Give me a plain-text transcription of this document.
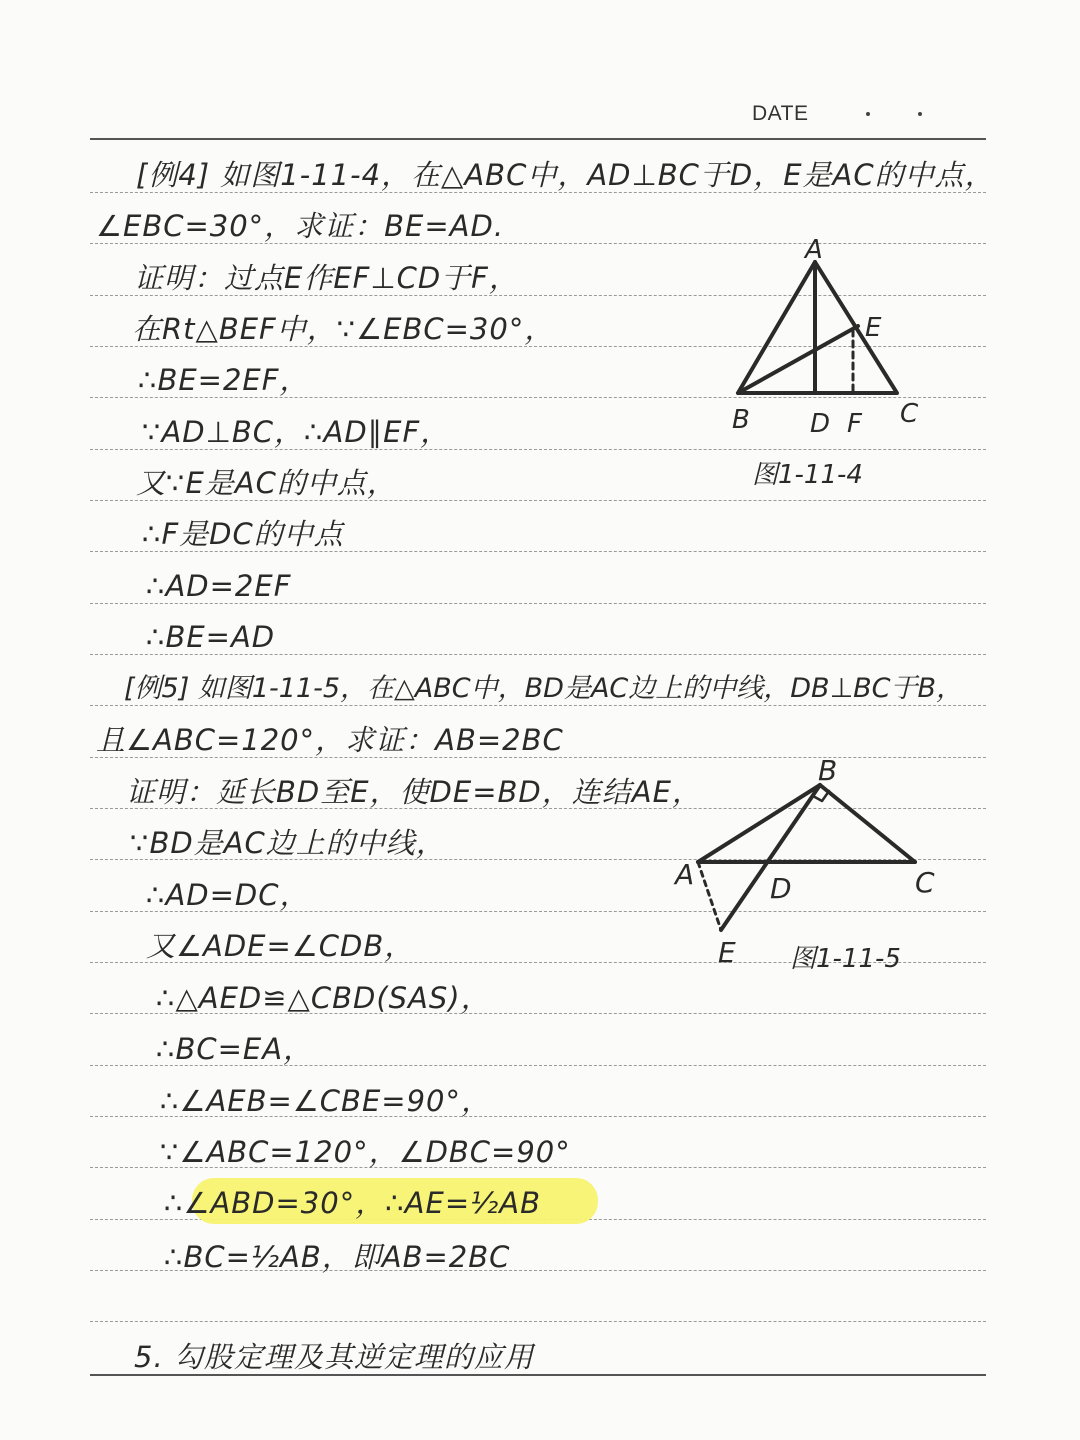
DATE
[例4] 如图1-11-4，在△ABC中，AD⊥BC于D，E是AC的中点，
∠EBC=30°，求证：BE=AD.
证明：过点E作EF⊥CD于F，
在Rt△BEF中，∵∠EBC=30°，
∴BE=2EF，
∵AD⊥BC，∴AD∥EF，
又∵E是AC的中点，
∴F是DC的中点
∴AD=2EF
∴BE=AD
[例5] 如图1-11-5，在△ABC中，BD是AC边上的中线，DB⊥BC于B，
且∠ABC=120°，求证：AB=2BC
证明：延长BD至E，使DE=BD，连结AE，
∵BD是AC边上的中线，
∴AD=DC，
又∠ADE=∠CDB，
∴△AED≌△CBD(SAS)，
∴BC=EA，
∴∠AEB=∠CBE=90°，
∵∠ABC=120°，∠DBC=90°
∴∠ABD=30°，∴AE=½AB
∴BC=½AB，即AB=2BC
5. 勾股定理及其逆定理的应用
A
B	C
D
E
F
图1-11-4
A
B
C
D
E 图1-11-5
